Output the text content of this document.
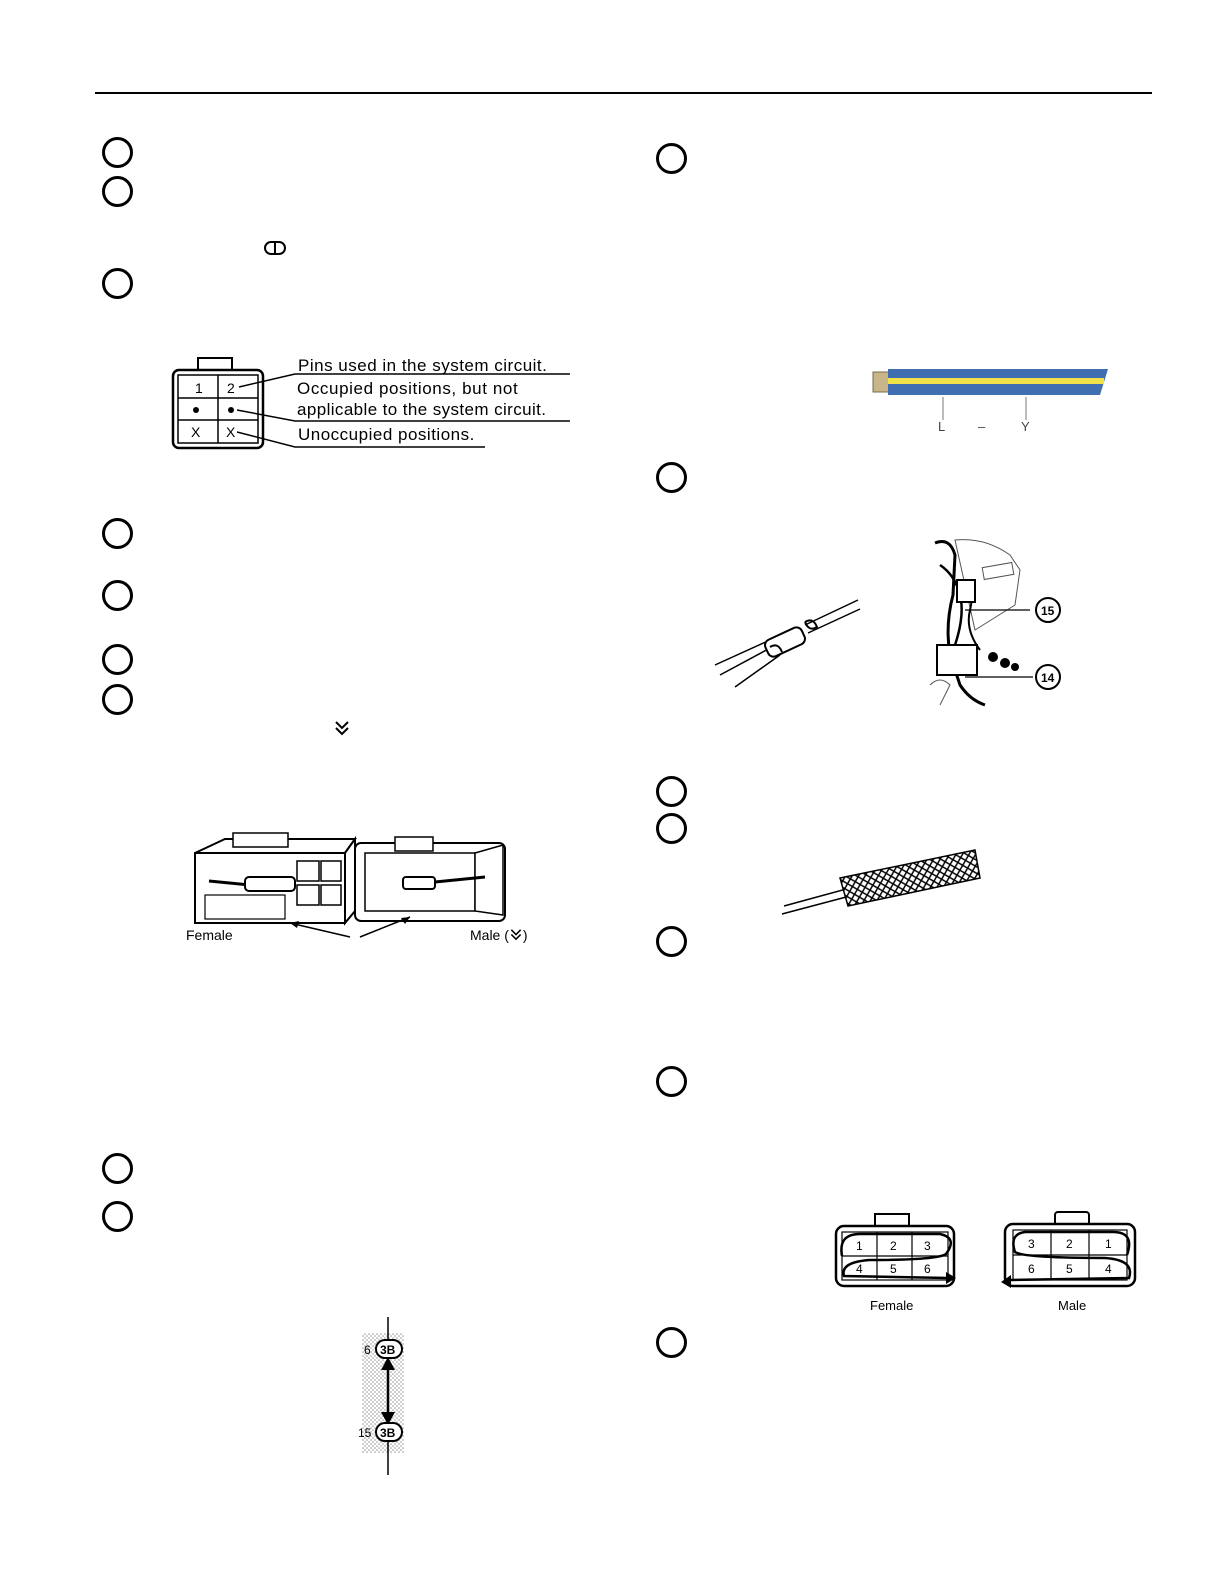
1 2
X X
Pins used in the system circuit.
Occupied positions, but not
applicable to the system circuit.
Unoccupied positions.
Female	Male ( )
6 3B
15 3B
L	–	Y
15
14
1 2 3
4 5 6
3	2	1
6	5	4
Female	Male
